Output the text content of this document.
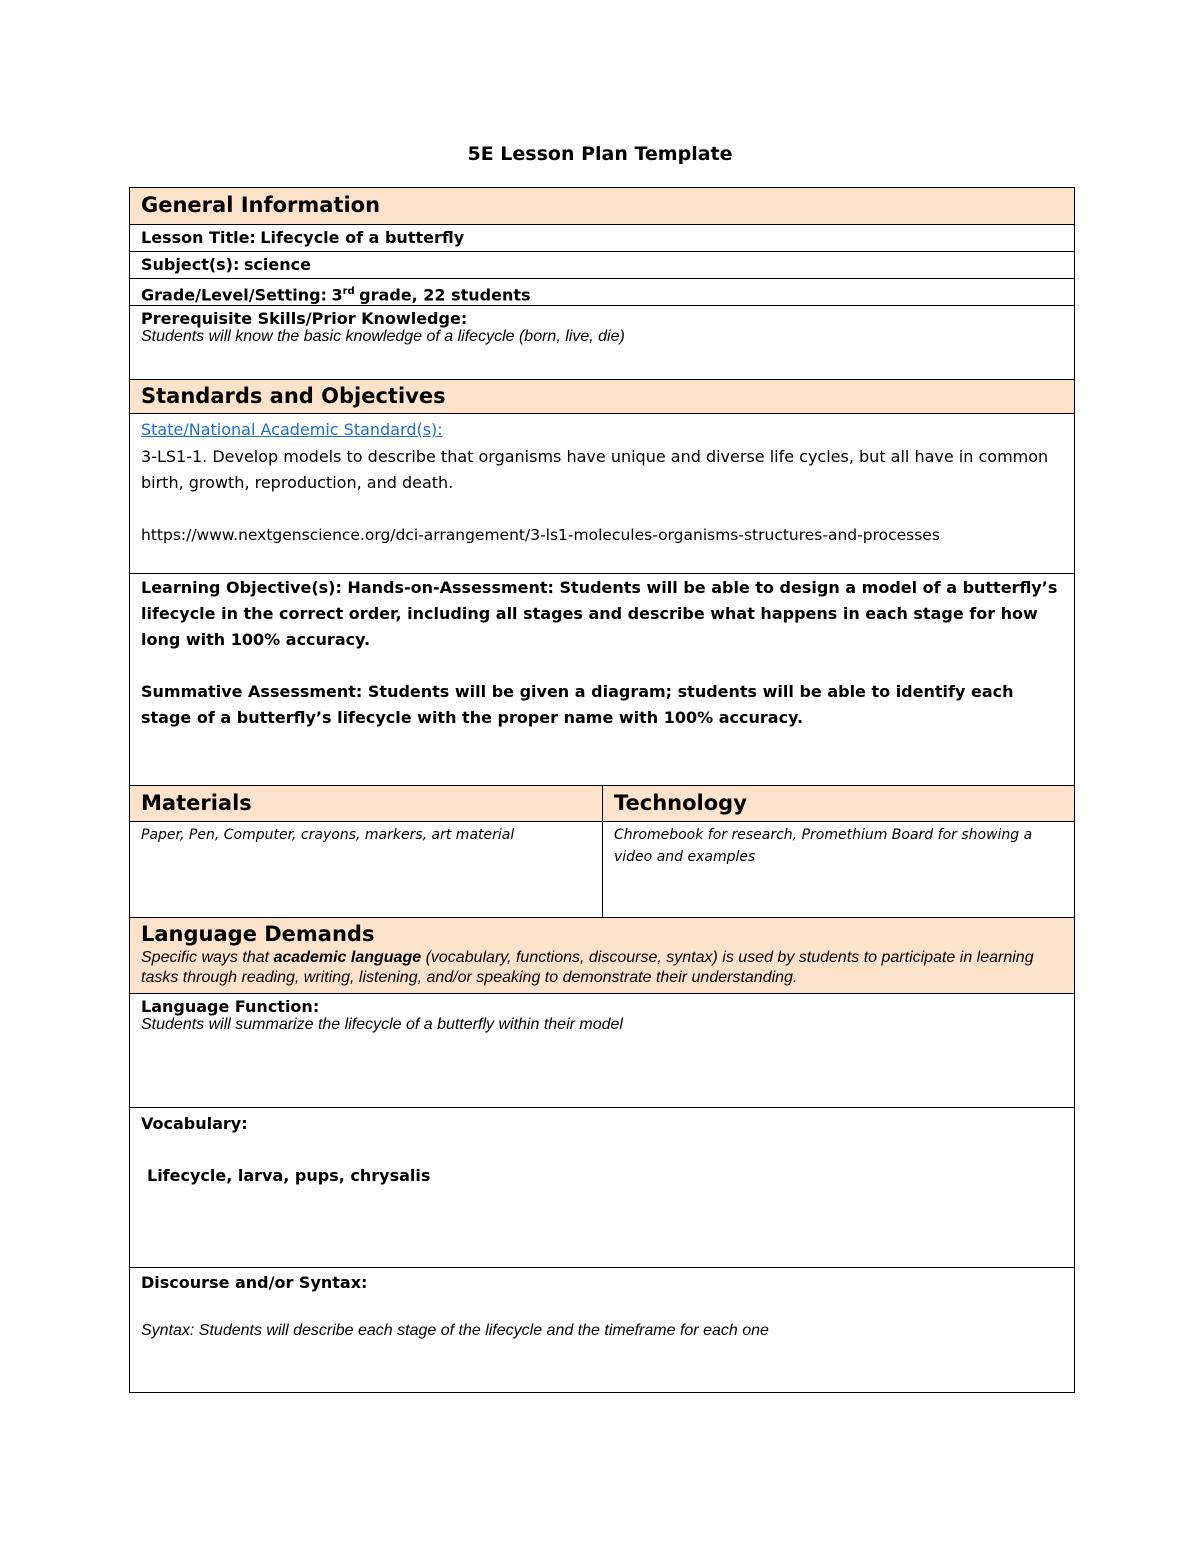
5E Lesson Plan Template
General Information
Lesson Title: Lifecycle of a butterfly
Subject(s): science
Grade/Level/Setting: 3rd grade, 22 students

Prerequisite Skills/Prior Knowledge:

Students will know the basic knowledge of a lifecycle (born, live, die)

Standards and Objectives

State/National Academic Standard(s):

3-LS1-1. Develop models to describe that organisms have unique and diverse life cycles, but all have in common birth, growth, reproduction, and death.

https://www.nextgenscience.org/dci-arrangement/3-ls1-molecules-organisms-structures-and-processes

Learning Objective(s): Hands-on-Assessment: Students will be able to design a model of a butterfly’s lifecycle in the correct order, including all stages and describe what happens in each stage for how long with 100% accuracy.

Summative Assessment: Students will be given a diagram; students will be able to identify each stage of a butterfly’s lifecycle with the proper name with 100% accuracy.

Materials	Technology

Paper, Pen, Computer, crayons, markers, art material	Chromebook for research, Promethium Board for showing a video and examples

Language Demands

Specific ways that academic language (vocabulary, functions, discourse, syntax) is used by students to participate in learning tasks through reading, writing, listening, and/or speaking to demonstrate their understanding.

Language Function:

Students will summarize the lifecycle of a butterfly within their model

Vocabulary:

Lifecycle, larva, pups, chrysalis

Discourse and/or Syntax:

Syntax: Students will describe each stage of the lifecycle and the timeframe for each one
